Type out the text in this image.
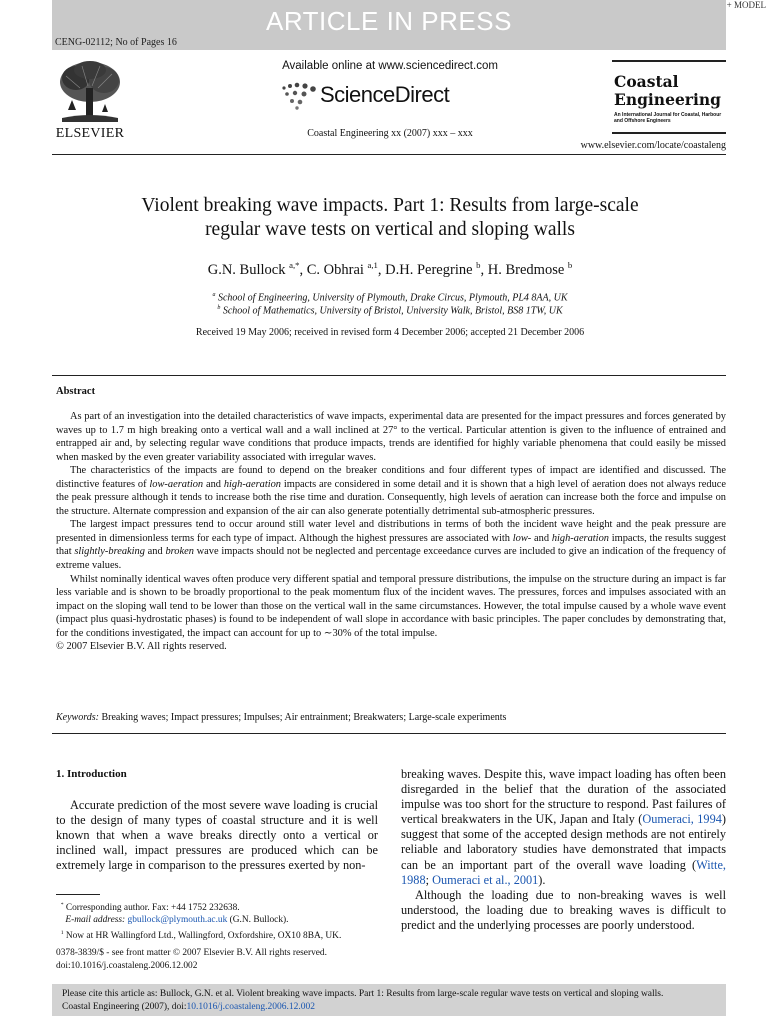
ARTICLE IN PRESS
CENG-02112; No of Pages 16
+ MODEL
ELSEVIER
Available online at www.sciencedirect.com
ScienceDirect
Coastal Engineering xx (2007) xxx – xxx
Coastal
Engineering
An International Journal for Coastal, Harbour and Offshore Engineers
www.elsevier.com/locate/coastaleng
Violent breaking wave impacts. Part 1: Results from large-scale
regular wave tests on vertical and sloping walls
G.N. Bullock $^{a,*}$, C. Obhrai $^{a,1}$, D.H. Peregrine $^b$, H. Bredmose $^b$
$^a$ School of Engineering, University of Plymouth, Drake Circus, Plymouth, PL4 8AA, UK
$^b$ School of Mathematics, University of Bristol, University Walk, Bristol, BS8 1TW, UK
Received 19 May 2006; received in revised form 4 December 2006; accepted 21 December 2006
Abstract

As part of an investigation into the detailed characteristics of wave impacts, experimental data are presented for the impact pressures and forces generated by waves up to 1.7 m high breaking onto a vertical wall and a wall inclined at 27° to the vertical. Particular attention is given to the influence of entrained and entrapped air and, by selecting regular wave conditions that produce impacts, trends are identified for highly variable phenomena that could easily be missed when masked by the even greater variability associated with irregular waves.

The characteristics of the impacts are found to depend on the breaker conditions and four different types of impact are identified and discussed. The distinctive features of low-aeration and high-aeration impacts are considered in some detail and it is shown that a high level of aeration does not always reduce the peak pressure although it tends to increase both the rise time and duration. Consequently, high levels of aeration can increase both the force and impulse on the structure. Alternate compression and expansion of the air can also generate potentially detrimental sub-atmospheric pressures.

The largest impact pressures tend to occur around still water level and distributions in terms of both the incident wave height and the peak pressure are presented in dimensionless terms for each type of impact. Although the highest pressures are associated with low- and high-aeration impacts, the results suggest that slightly-breaking and broken wave impacts should not be neglected and percentage exceedance curves are included to give an indication of the frequency of extreme values.

Whilst nominally identical waves often produce very different spatial and temporal pressure distributions, the impulse on the structure during an impact is far less variable and is shown to be broadly proportional to the peak momentum flux of the incident waves. The pressures, forces and impulses associated with an impact on the sloping wall tend to be lower than those on the vertical wall in the same circumstances. However, the total impulse caused by a whole wave event (impact plus quasi-hydrostatic phases) is found to be independent of wall slope in accordance with basic principles. The paper concludes by demonstrating that, for the conditions investigated, the impact can account for up to ∼30% of the total impulse.

© 2007 Elsevier B.V. All rights reserved.

Keywords: Breaking waves; Impact pressures; Impulses; Air entrainment; Breakwaters; Large-scale experiments
1. Introduction

Accurate prediction of the most severe wave loading is crucial to the design of many types of coastal structure and it is well known that when a wave breaks directly onto a vertical or inclined wall, impact pressures are produced which can be extremely large in comparison to the pressures exerted by non-

breaking waves. Despite this, wave impact loading has often been disregarded in the belief that the duration of the associated impulse was too short for the structure to respond. Past failures of vertical breakwaters in the UK, Japan and Italy (Oumeraci, 1994) suggest that some of the accepted design methods are not entirely reliable and laboratory studies have demonstrated that impacts can be an important part of the overall wave loading (Witte, 1988; Oumeraci et al., 2001).

Although the loading due to non-breaking waves is well understood, the loading due to breaking waves is difficult to predict and the underlying processes are poorly understood.

* Corresponding author. Fax: +44 1752 232638.
E-mail address: gbullock@plymouth.ac.uk (G.N. Bullock).
$^1$ Now at HR Wallingford Ltd., Wallingford, Oxfordshire, OX10 8BA, UK.
0378-3839/$ - see front matter © 2007 Elsevier B.V. All rights reserved.
doi:10.1016/j.coastaleng.2006.12.002
Please cite this article as: Bullock, G.N. et al. Violent breaking wave impacts. Part 1: Results from large-scale regular wave tests on vertical and sloping walls.
Coastal Engineering (2007), doi:10.1016/j.coastaleng.2006.12.002
